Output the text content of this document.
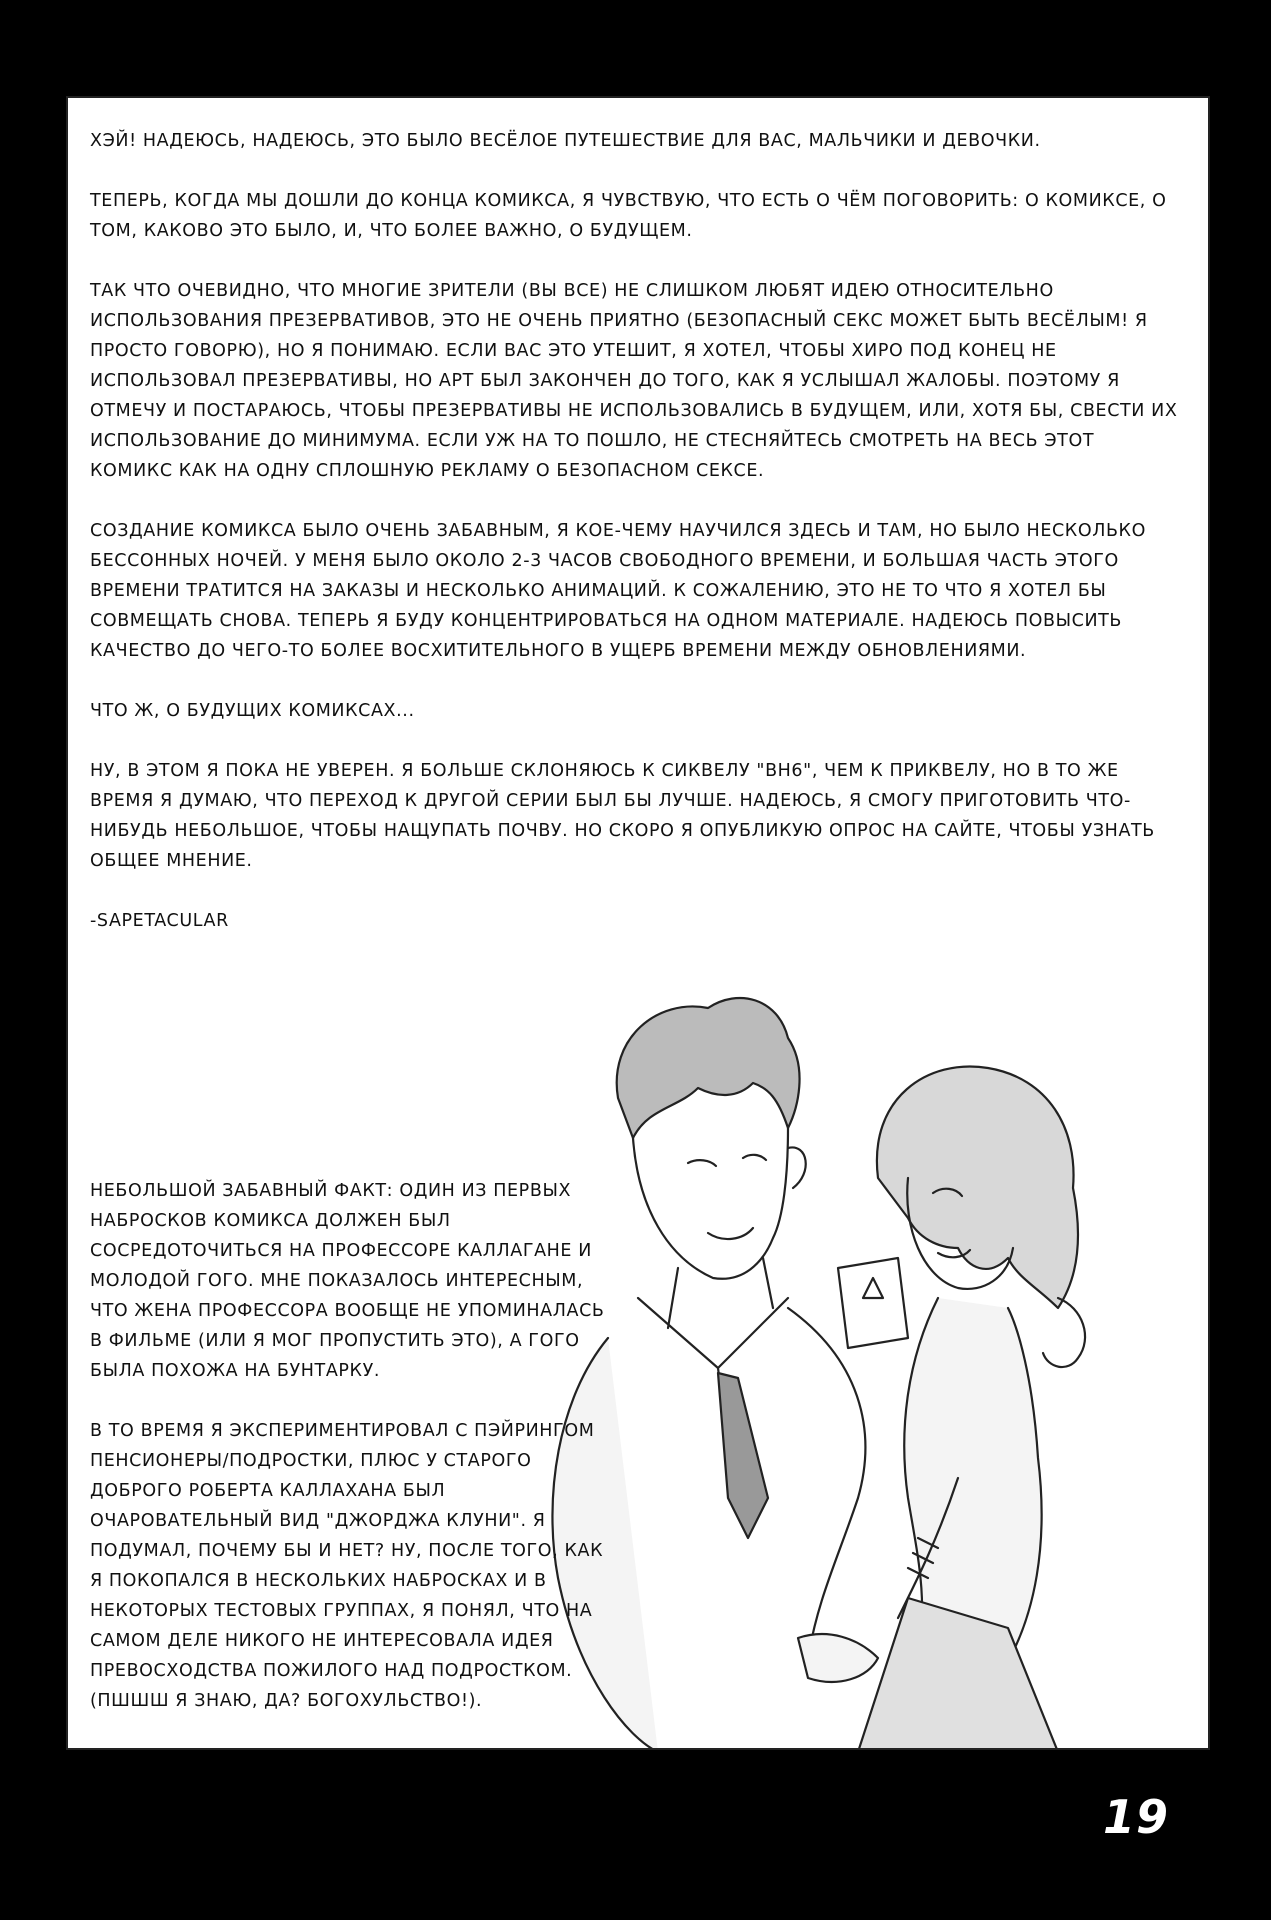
ХЭЙ! НАДЕЮСЬ, НАДЕЮСЬ, ЭТО БЫЛО ВЕСЁЛОЕ ПУТЕШЕСТВИЕ ДЛЯ ВАС, МАЛЬЧИКИ И ДЕВОЧКИ.

ТЕПЕРЬ, КОГДА МЫ ДОШЛИ ДО КОНЦА КОМИКСА, Я ЧУВСТВУЮ, ЧТО ЕСТЬ О ЧЁМ ПОГОВОРИТЬ: О КОМИКСЕ, О ТОМ, КАКОВО ЭТО БЫЛО, И, ЧТО БОЛЕЕ ВАЖНО, О БУДУЩЕМ.

ТАК ЧТО ОЧЕВИДНО, ЧТО МНОГИЕ ЗРИТЕЛИ (ВЫ ВСЕ) НЕ СЛИШКОМ ЛЮБЯТ ИДЕЮ ОТНОСИТЕЛЬНО ИСПОЛЬЗОВАНИЯ ПРЕЗЕРВАТИВОВ, ЭТО НЕ ОЧЕНЬ ПРИЯТНО (БЕЗОПАСНЫЙ СЕКС МОЖЕТ БЫТЬ ВЕСЁЛЫМ! Я ПРОСТО ГОВОРЮ), НО Я ПОНИМАЮ. ЕСЛИ ВАС ЭТО УТЕШИТ, Я ХОТЕЛ, ЧТОБЫ ХИРО ПОД КОНЕЦ НЕ ИСПОЛЬЗОВАЛ ПРЕЗЕРВАТИВЫ, НО АРТ БЫЛ ЗАКОНЧЕН ДО ТОГО, КАК Я УСЛЫШАЛ ЖАЛОБЫ. ПОЭТОМУ Я ОТМЕЧУ И ПОСТАРАЮСЬ, ЧТОБЫ ПРЕЗЕРВАТИВЫ НЕ ИСПОЛЬЗОВАЛИСЬ В БУДУЩЕМ, ИЛИ, ХОТЯ БЫ, СВЕСТИ ИХ ИСПОЛЬЗОВАНИЕ ДО МИНИМУМА. ЕСЛИ УЖ НА ТО ПОШЛО, НЕ СТЕСНЯЙТЕСЬ СМОТРЕТЬ НА ВЕСЬ ЭТОТ КОМИКС КАК НА ОДНУ СПЛОШНУЮ РЕКЛАМУ О БЕЗОПАСНОМ СЕКСЕ.

СОЗДАНИЕ КОМИКСА БЫЛО ОЧЕНЬ ЗАБАВНЫМ, Я КОЕ-ЧЕМУ НАУЧИЛСЯ ЗДЕСЬ И ТАМ, НО БЫЛО НЕСКОЛЬКО БЕССОННЫХ НОЧЕЙ. У МЕНЯ БЫЛО ОКОЛО 2-3 ЧАСОВ СВОБОДНОГО ВРЕМЕНИ, И БОЛЬШАЯ ЧАСТЬ ЭТОГО ВРЕМЕНИ ТРАТИТСЯ НА ЗАКАЗЫ И НЕСКОЛЬКО АНИМАЦИЙ. К СОЖАЛЕНИЮ, ЭТО НЕ ТО ЧТО Я ХОТЕЛ БЫ СОВМЕЩАТЬ СНОВА. ТЕПЕРЬ Я БУДУ КОНЦЕНТРИРОВАТЬСЯ НА ОДНОМ МАТЕРИАЛЕ. НАДЕЮСЬ ПОВЫСИТЬ КАЧЕСТВО ДО ЧЕГО-ТО БОЛЕЕ ВОСХИТИТЕЛЬНОГО В УЩЕРБ ВРЕМЕНИ МЕЖДУ ОБНОВЛЕНИЯМИ.

ЧТО Ж, О БУДУЩИХ КОМИКСАХ...

НУ, В ЭТОМ Я ПОКА НЕ УВЕРЕН. Я БОЛЬШЕ СКЛОНЯЮСЬ К СИКВЕЛУ "BH6", ЧЕМ К ПРИКВЕЛУ, НО В ТО ЖЕ ВРЕМЯ Я ДУМАЮ, ЧТО ПЕРЕХОД К ДРУГОЙ СЕРИИ БЫЛ БЫ ЛУЧШЕ. НАДЕЮСЬ, Я СМОГУ ПРИГОТОВИТЬ ЧТО-НИБУДЬ НЕБОЛЬШОЕ, ЧТОБЫ НАЩУПАТЬ ПОЧВУ. НО СКОРО Я ОПУБЛИКУЮ ОПРОС НА САЙТЕ, ЧТОБЫ УЗНАТЬ ОБЩЕЕ МНЕНИЕ.

-SAPETACULAR

НЕБОЛЬШОЙ ЗАБАВНЫЙ ФАКТ: ОДИН ИЗ ПЕРВЫХ НАБРОСКОВ КОМИКСА ДОЛЖЕН БЫЛ СОСРЕДОТОЧИТЬСЯ НА ПРОФЕССОРЕ КАЛЛАГАНЕ И МОЛОДОЙ ГОГО. МНЕ ПОКАЗАЛОСЬ ИНТЕРЕСНЫМ, ЧТО ЖЕНА ПРОФЕССОРА ВООБЩЕ НЕ УПОМИНАЛАСЬ В ФИЛЬМЕ (ИЛИ Я МОГ ПРОПУСТИТЬ ЭТО), А ГОГО БЫЛА ПОХОЖА НА БУНТАРКУ.

В ТО ВРЕМЯ Я ЭКСПЕРИМЕНТИРОВАЛ С ПЭЙРИНГОМ ПЕНСИОНЕРЫ/ПОДРОСТКИ, ПЛЮС У СТАРОГО ДОБРОГО РОБЕРТА КАЛЛАХАНА БЫЛ ОЧАРОВАТЕЛЬНЫЙ ВИД "ДЖОРДЖА КЛУНИ". Я ПОДУМАЛ, ПОЧЕМУ БЫ И НЕТ? НУ, ПОСЛЕ ТОГО, КАК Я ПОКОПАЛСЯ В НЕСКОЛЬКИХ НАБРОСКАХ И В НЕКОТОРЫХ ТЕСТОВЫХ ГРУППАХ, Я ПОНЯЛ, ЧТО НА САМОМ ДЕЛЕ НИКОГО НЕ ИНТЕРЕСОВАЛА ИДЕЯ ПРЕВОСХОДСТВА ПОЖИЛОГО НАД ПОДРОСТКОМ. (ПШШШ Я ЗНАЮ, ДА? БОГОХУЛЬСТВО!).

19
